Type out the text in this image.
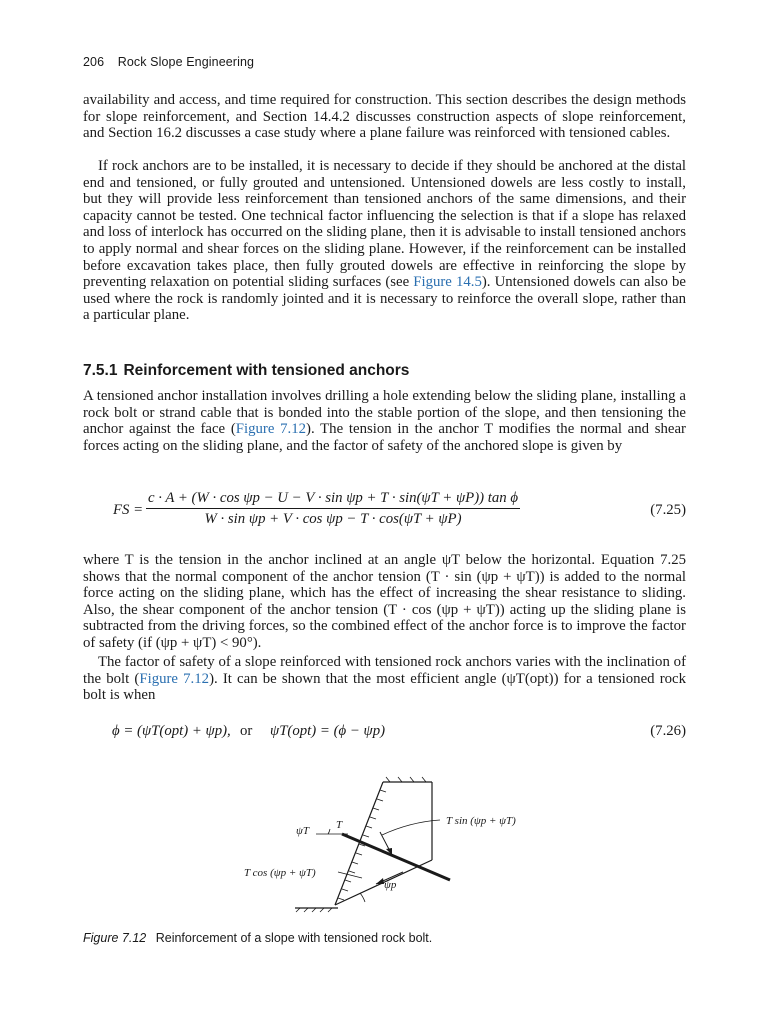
206 Rock Slope Engineering

availability and access, and time required for construction. This section describes the design methods for slope reinforcement, and Section 14.4.2 discusses construction aspects of slope reinforcement, and Section 16.2 discusses a case study where a plane failure was reinforced with tensioned cables.

If rock anchors are to be installed, it is necessary to decide if they should be anchored at the distal end and tensioned, or fully grouted and untensioned. Untensioned dowels are less costly to install, but they will provide less reinforcement than tensioned anchors of the same dimensions, and their capacity cannot be tested. One technical factor influencing the selection is that if a slope has relaxed and loss of interlock has occurred on the sliding plane, then it is advisable to install tensioned anchors to apply normal and shear forces on the sliding plane. However, if the reinforcement can be installed before excavation takes place, then fully grouted dowels are effective in reinforcing the slope by preventing relaxation on potential sliding surfaces (see Figure 14.5). Untensioned dowels can also be used where the rock is randomly jointed and it is necessary to reinforce the overall slope, rather than a particular plane.

7.5.1 Reinforcement with tensioned anchors

A tensioned anchor installation involves drilling a hole extending below the sliding plane, installing a rock bolt or strand cable that is bonded into the stable portion of the slope, and then tensioning the anchor against the face (Figure 7.12). The tension in the anchor T modifies the normal and shear forces acting on the sliding plane, and the factor of safety of the anchored slope is given by

FS =
c · A + (W · cos ψp − U − V · sin ψp + T · sin(ψT + ψP)) tan ϕ
W · sin ψp + V · cos ψp − T · cos(ψT + ψP)
(7.25)

where T is the tension in the anchor inclined at an angle ψT below the horizontal. Equation 7.25 shows that the normal component of the anchor tension (T · sin (ψp + ψT)) is added to the normal force acting on the sliding plane, which has the effect of increasing the shear resistance to sliding. Also, the shear component of the anchor tension (T · cos (ψp + ψT)) acting up the sliding plane is subtracted from the driving forces, so the combined effect of the anchor force is to improve the factor of safety (if (ψp + ψT) < 90°).

The factor of safety of a slope reinforced with tensioned rock anchors varies with the inclination of the bolt (Figure 7.12). It can be shown that the most efficient angle (ψT(opt)) for a tensioned rock bolt is when

ϕ = (ψT(opt) + ψp), or ψT(opt) = (ϕ − ψp)	(7.26)
ψT T	T sin (ψp + ψT)
T cos (ψp + ψT)
ψp
Figure 7.12 Reinforcement of a slope with tensioned rock bolt.
